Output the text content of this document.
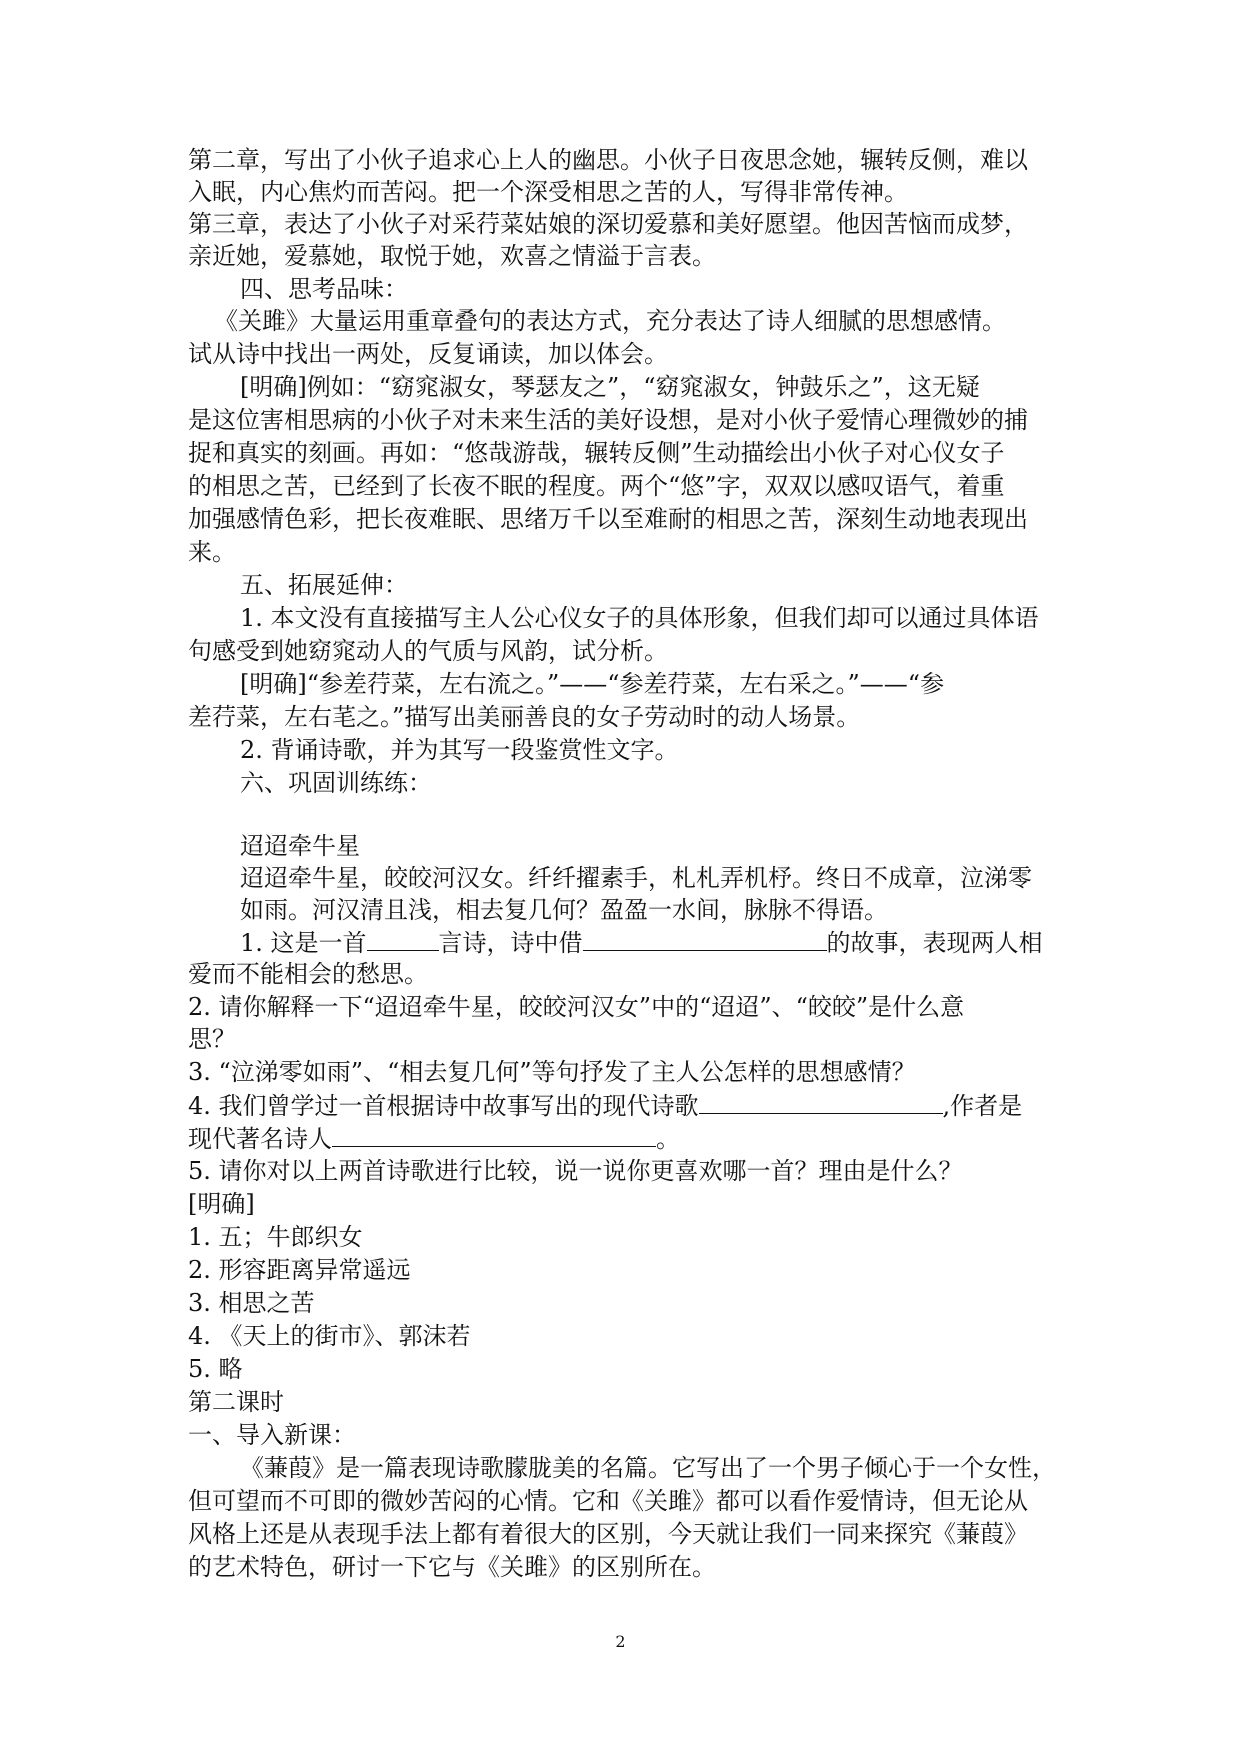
第二章，写出了小伙子追求心上人的幽思。小伙子日夜思念她，辗转反侧，难以
入眠，内心焦灼而苦闷。把一个深受相思之苦的人，写得非常传神。
第三章，表达了小伙子对采荇菜姑娘的深切爱慕和美好愿望。他因苦恼而成梦，
亲近她，爱慕她，取悦于她，欢喜之情溢于言表。
四、思考品味：
《关雎》大量运用重章叠句的表达方式，充分表达了诗人细腻的思想感情。
试从诗中找出一两处，反复诵读，加以体会。
[明确]例如：“窈窕淑女，琴瑟友之”，“窈窕淑女，钟鼓乐之”，这无疑
是这位害相思病的小伙子对未来生活的美好设想，是对小伙子爱情心理微妙的捕
捉和真实的刻画。再如：“悠哉游哉，辗转反侧”生动描绘出小伙子对心仪女子
的相思之苦，已经到了长夜不眠的程度。两个“悠”字，双双以感叹语气，着重
加强感情色彩，把长夜难眠、思绪万千以至难耐的相思之苦，深刻生动地表现出
来。
五、拓展延伸：
1. 本文没有直接描写主人公心仪女子的具体形象，但我们却可以通过具体语
句感受到她窈窕动人的气质与风韵，试分析。
[明确]“参差荇菜，左右流之。”——“参差荇菜，左右采之。”——“参
差荇菜，左右芼之。”描写出美丽善良的女子劳动时的动人场景。
2. 背诵诗歌，并为其写一段鉴赏性文字。
六、巩固训练练：
迢迢牵牛星
迢迢牵牛星，皎皎河汉女。纤纤擢素手，札札弄机杼。终日不成章，泣涕零
如雨。河汉清且浅，相去复几何？盈盈一水间，脉脉不得语。
1. 这是一首	言诗，诗中借	的故事，表现两人相
爱而不能相会的愁思。
2. 请你解释一下“迢迢牵牛星，皎皎河汉女”中的“迢迢”、“皎皎”是什么意
思？
3. “泣涕零如雨”、“相去复几何”等句抒发了主人公怎样的思想感情？
4. 我们曾学过一首根据诗中故事写出的现代诗歌	,作者是
现代著名诗人	。
5. 请你对以上两首诗歌进行比较，说一说你更喜欢哪一首？理由是什么？
[明确]
1. 五；牛郎织女
2. 形容距离异常遥远
3. 相思之苦
4. 《天上的街市》、郭沫若
5. 略
第二课时
一、导入新课：
《蒹葭》是一篇表现诗歌朦胧美的名篇。它写出了一个男子倾心于一个女性，
但可望而不可即的微妙苦闷的心情。它和《关雎》都可以看作爱情诗，但无论从
风格上还是从表现手法上都有着很大的区别，今天就让我们一同来探究《蒹葭》
的艺术特色，研讨一下它与《关雎》的区别所在。
2
